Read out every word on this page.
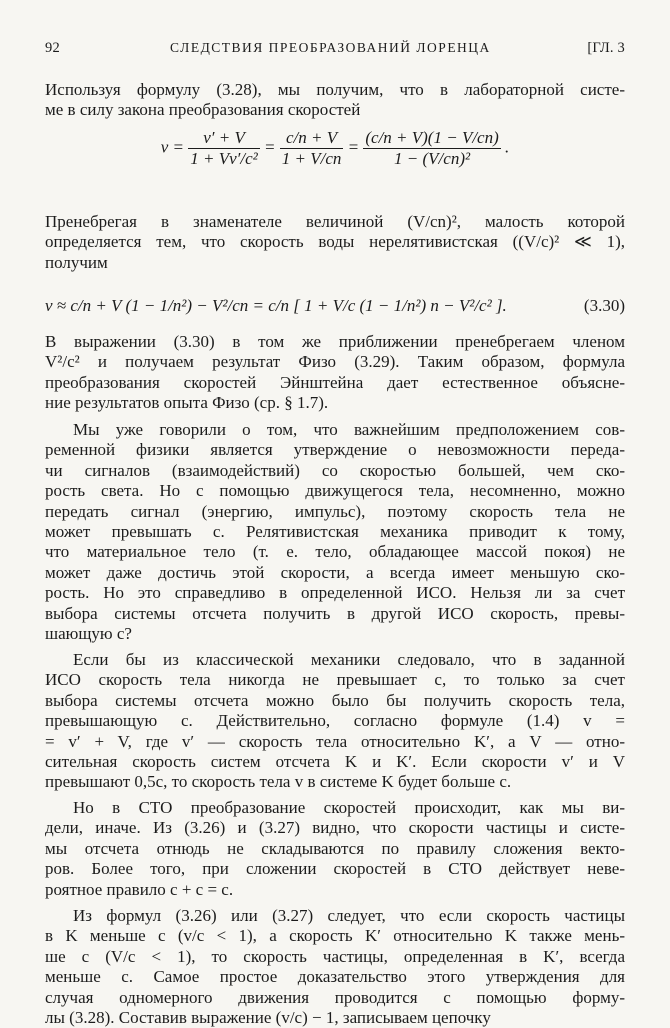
92	СЛЕДСТВИЯ ПРЕОБРАЗОВАНИЙ ЛОРЕНЦА	[ГЛ. 3
Используя формулу (3.28), мы получим, что в лабораторной систе-
ме в силу закона преобразования скоростей
$v = \frac{v' + V}{\text{1 + Vv′/c²}} = \frac{c/n + V}{1 + V/cn} = \frac{(c/n + V)(1 - V/cn)}{\text{1 − (V/cn)²}}$ .
Пренебрегая в знаменателе величиной (V/cn)², малость которой
определяется тем, что скорость воды нерелятивистская ((V/c)² ≪ 1),
получим
v ≈ c/n + V (1 − 1/n²) − V²/cn = c/n [ 1 + V/c (1 − 1/n²) n − V²/c² ].	(3.30)
В выражении (3.30) в том же приближении пренебрегаем членом
V²/c² и получаем результат Физо (3.29). Таким образом, формула
преобразования скоростей Эйнштейна дает естественное объясне-
ние результатов опыта Физо (ср. § 1.7).
Мы уже говорили о том, что важнейшим предположением сов-
ременной физики является утверждение о невозможности переда-
чи сигналов (взаимодействий) со скоростью большей, чем ско-
рость света. Но с помощью движущегося тела, несомненно, можно
передать сигнал (энергию, импульс), поэтому скорость тела не
может превышать c. Релятивистская механика приводит к тому,
что материальное тело (т. е. тело, обладающее массой покоя) не
может даже достичь этой скорости, а всегда имеет меньшую ско-
рость. Но это справедливо в определенной ИСО. Нельзя ли за счет
выбора системы отсчета получить в другой ИСО скорость, превы-
шающую c?
Если бы из классической механики следовало, что в заданной
ИСО скорость тела никогда не превышает c, то только за счет
выбора системы отсчета можно было бы получить скорость тела,
превышающую c. Действительно, согласно формуле (1.4) v =
= v′ + V, где v′ — скорость тела относительно K′, а V — отно-
сительная скорость систем отсчета K и K′. Если скорости v′ и V
превышают 0,5c, то скорость тела v в системе K будет больше c.
Но в СТО преобразование скоростей происходит, как мы ви-
дели, иначе. Из (3.26) и (3.27) видно, что скорости частицы и систе-
мы отсчета отнюдь не складываются по правилу сложения векто-
ров. Более того, при сложении скоростей в СТО действует неве-
роятное правило c + c = c.
Из формул (3.26) или (3.27) следует, что если скорость частицы
в K меньше c (v/c < 1), а скорость K′ относительно K также мень-
ше c (V/c < 1), то скорость частицы, определенная в K′, всегда
меньше c. Самое простое доказательство этого утверждения для
случая одномерного движения проводится с помощью форму-
лы (3.28). Составив выражение (v/c) − 1, записываем цепочку
